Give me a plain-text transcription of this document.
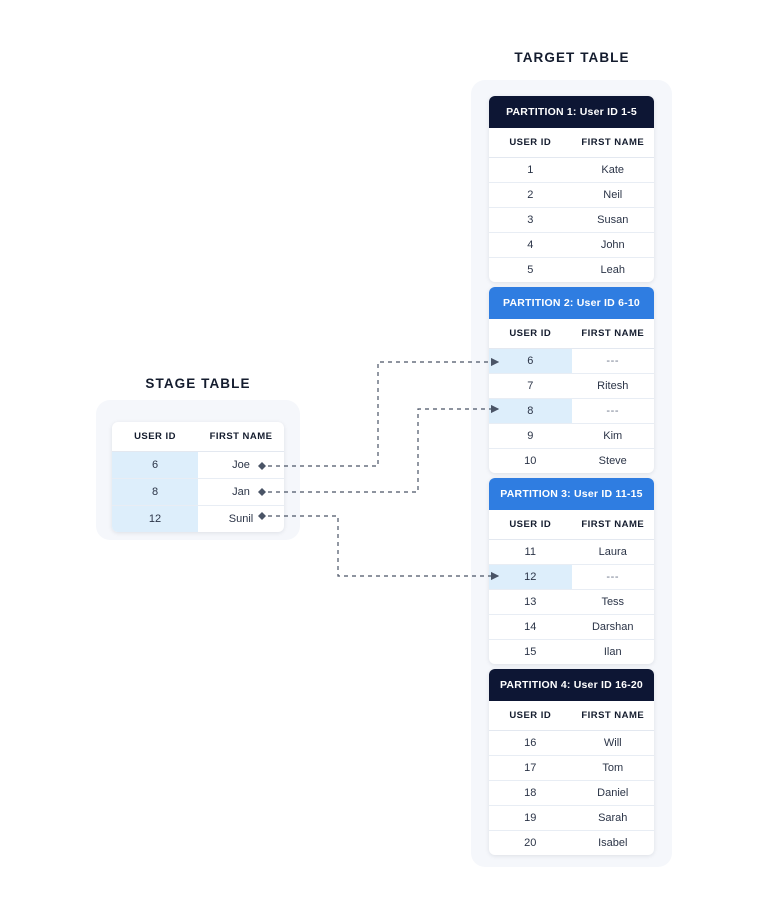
TARGET TABLE
STAGE TABLE
USER ID	FIRST NAME
6	Joe
8	Jan
12	Sunil
PARTITION 1: User ID 1-5
USER ID	FIRST NAME
1	Kate
2	Neil
3	Susan
4	John
5	Leah
PARTITION 2: User ID 6-10
USER ID	FIRST NAME
6	---
7	Ritesh
8	---
9	Kim
10	Steve
PARTITION 3: User ID 11-15
USER ID	FIRST NAME
11	Laura
12	---
13	Tess
14	Darshan
15	Ilan
PARTITION 4: User ID 16-20
USER ID	FIRST NAME
16	Will
17	Tom
18	Daniel
19	Sarah
20	Isabel
